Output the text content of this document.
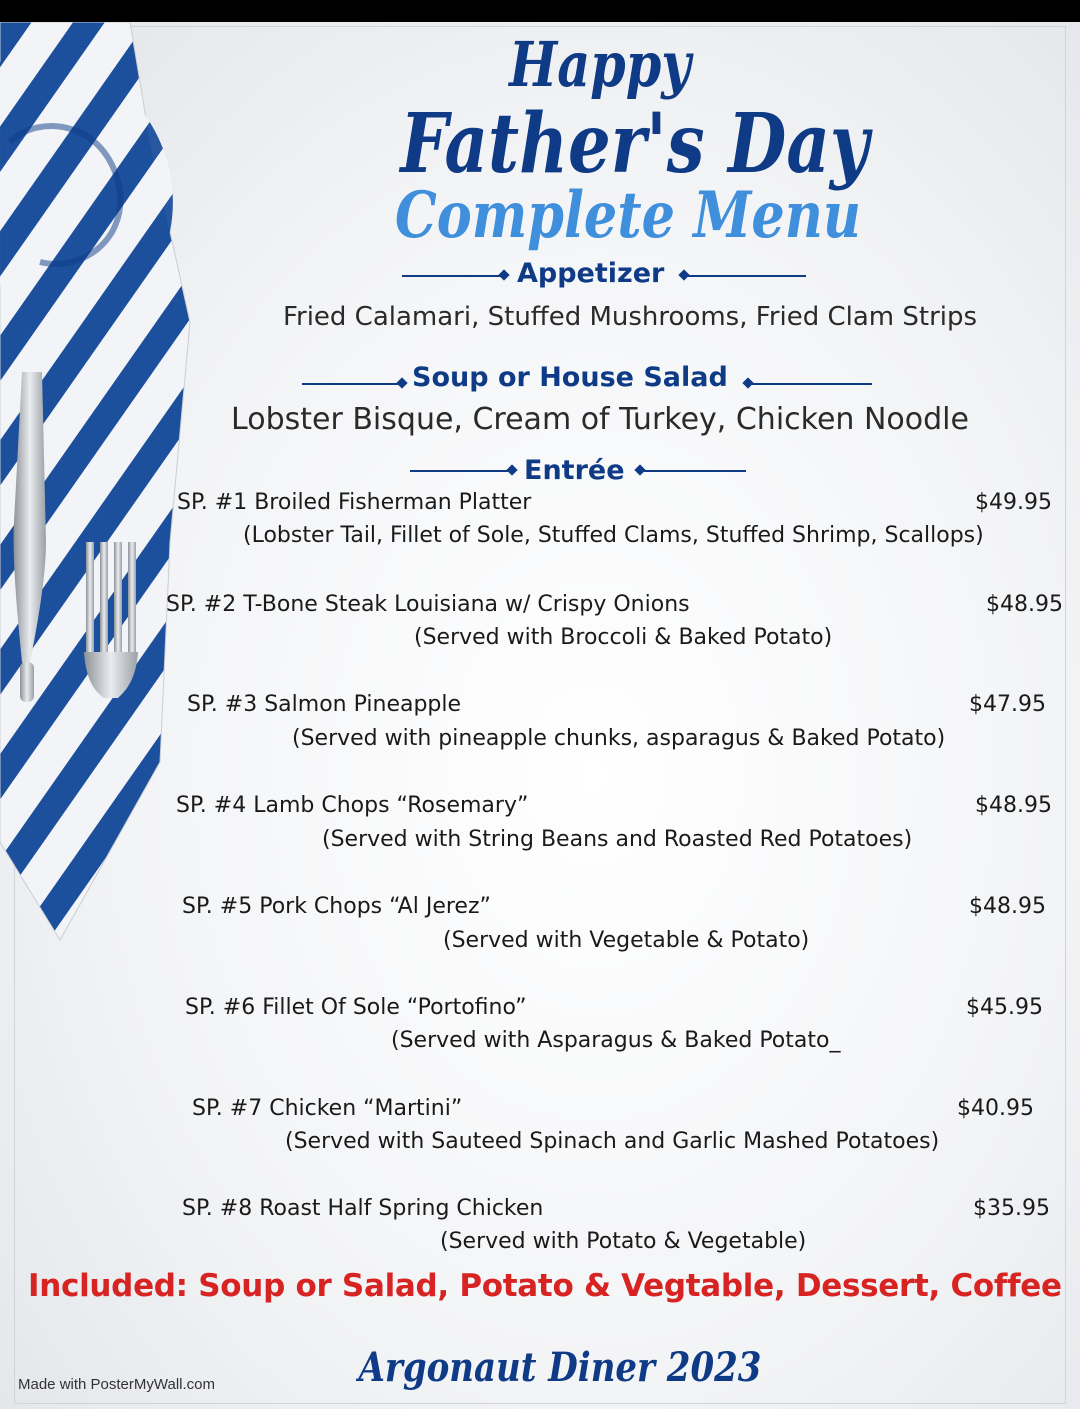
Happy
Father's Day
Complete Menu
Appetizer
Fried Calamari, Stuffed Mushrooms, Fried Clam Strips
Soup or House Salad
Lobster Bisque, Cream of Turkey, Chicken Noodle
Entrée
SP. #1 Broiled Fisherman Platter	$49.95
(Lobster Tail, Fillet of Sole, Stuffed Clams, Stuffed Shrimp, Scallops)
SP. #2 T-Bone Steak Louisiana w/ Crispy Onions	$48.95
(Served with Broccoli & Baked Potato)
SP. #3 Salmon Pineapple	$47.95
(Served with pineapple chunks, asparagus & Baked Potato)
SP. #4 Lamb Chops “Rosemary”	$48.95
(Served with String Beans and Roasted Red Potatoes)
SP. #5 Pork Chops “Al Jerez”	$48.95
(Served with Vegetable & Potato)
SP. #6 Fillet Of Sole “Portofino”	$45.95
(Served with Asparagus & Baked Potato_
SP. #7 Chicken “Martini”	$40.95
(Served with Sauteed Spinach and Garlic Mashed Potatoes)
SP. #8 Roast Half Spring Chicken	$35.95
(Served with Potato & Vegetable)
Included: Soup or Salad, Potato & Vegtable, Dessert, Coffee
Argonaut Diner 2023
Made with PosterMyWall.com
